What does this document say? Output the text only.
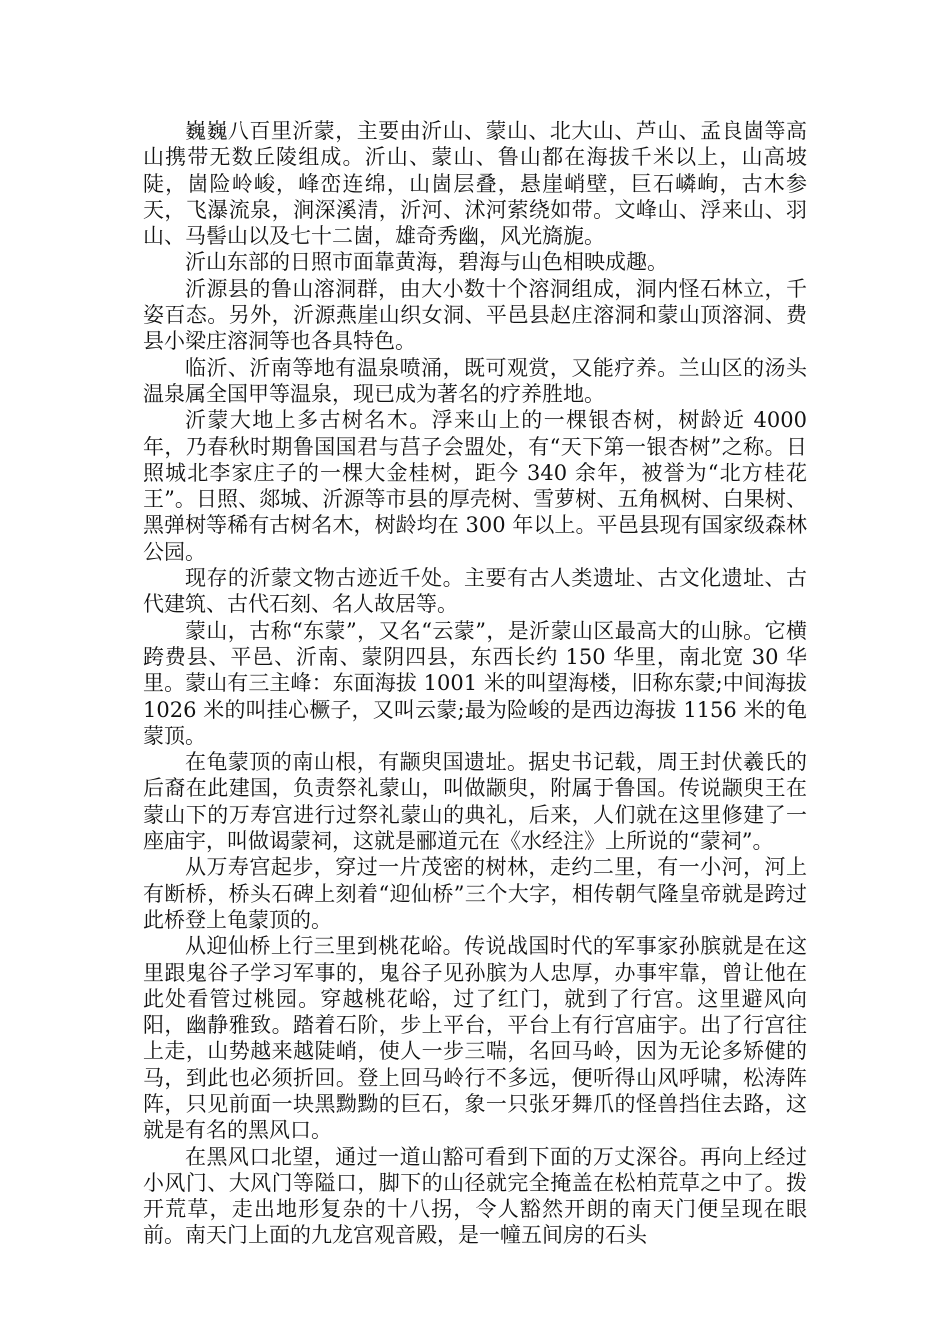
巍巍八百里沂蒙，主要由沂山、蒙山、北大山、芦山、孟良崮等高山携带无数丘陵组成。沂山、蒙山、鲁山都在海拔千米以上，山高坡陡，崮险岭峻，峰峦连绵，山崮层叠，悬崖峭壁，巨石嶙峋，古木参天，飞瀑流泉，涧深溪清，沂河、沭河萦绕如带。文峰山、浮来山、羽山、马髻山以及七十二崮，雄奇秀幽，风光旖旎。

沂山东部的日照市面靠黄海，碧海与山色相映成趣。

沂源县的鲁山溶洞群，由大小数十个溶洞组成，洞内怪石林立，千姿百态。另外，沂源燕崖山织女洞、平邑县赵庄溶洞和蒙山顶溶洞、费县小梁庄溶洞等也各具特色。

临沂、沂南等地有温泉喷涌，既可观赏，又能疗养。兰山区的汤头温泉属全国甲等温泉，现已成为著名的疗养胜地。

沂蒙大地上多古树名木。浮来山上的一棵银杏树，树龄近 4000 年，乃春秋时期鲁国国君与莒子会盟处，有“天下第一银杏树”之称。日照城北李家庄子的一棵大金桂树，距今 340 余年，被誉为“北方桂花王”。日照、郯城、沂源等市县的厚壳树、雪萝树、五角枫树、白果树、黑弹树等稀有古树名木，树龄均在 300 年以上。平邑县现有国家级森林公园。

现存的沂蒙文物古迹近千处。主要有古人类遗址、古文化遗址、古代建筑、古代石刻、名人故居等。

蒙山，古称“东蒙”，又名“云蒙”，是沂蒙山区最高大的山脉。它横跨费县、平邑、沂南、蒙阴四县，东西长约 150 华里，南北宽 30 华里。蒙山有三主峰：东面海拔 1001 米的叫望海楼，旧称东蒙;中间海拔 1026 米的叫挂心橛子，又叫云蒙;最为险峻的是西边海拔 1156 米的龟蒙顶。

在龟蒙顶的南山根，有颛臾国遗址。据史书记载，周王封伏羲氏的后裔在此建国，负责祭礼蒙山，叫做颛臾，附属于鲁国。传说颛臾王在蒙山下的万寿宫进行过祭礼蒙山的典礼，后来，人们就在这里修建了一座庙宇，叫做谒蒙祠，这就是郦道元在《水经注》上所说的“蒙祠”。

从万寿宫起步，穿过一片茂密的树林，走约二里，有一小河，河上有断桥，桥头石碑上刻着“迎仙桥”三个大字，相传朝气隆皇帝就是跨过此桥登上龟蒙顶的。

从迎仙桥上行三里到桃花峪。传说战国时代的军事家孙膑就是在这里跟鬼谷子学习军事的，鬼谷子见孙膑为人忠厚，办事牢靠，曾让他在此处看管过桃园。穿越桃花峪，过了红门，就到了行宫。这里避风向阳，幽静雅致。踏着石阶，步上平台，平台上有行宫庙宇。出了行宫往上走，山势越来越陡峭，使人一步三喘，名回马岭，因为无论多矫健的马，到此也必须折回。登上回马岭行不多远，便听得山风呼啸，松涛阵阵，只见前面一块黑黝黝的巨石，象一只张牙舞爪的怪兽挡住去路，这就是有名的黑风口。

在黑风口北望，通过一道山豁可看到下面的万丈深谷。再向上经过小风门、大风门等隘口，脚下的山径就完全掩盖在松柏荒草之中了。拨开荒草，走出地形复杂的十八拐，令人豁然开朗的南天门便呈现在眼前。南天门上面的九龙宫观音殿，是一幢五间房的石头
